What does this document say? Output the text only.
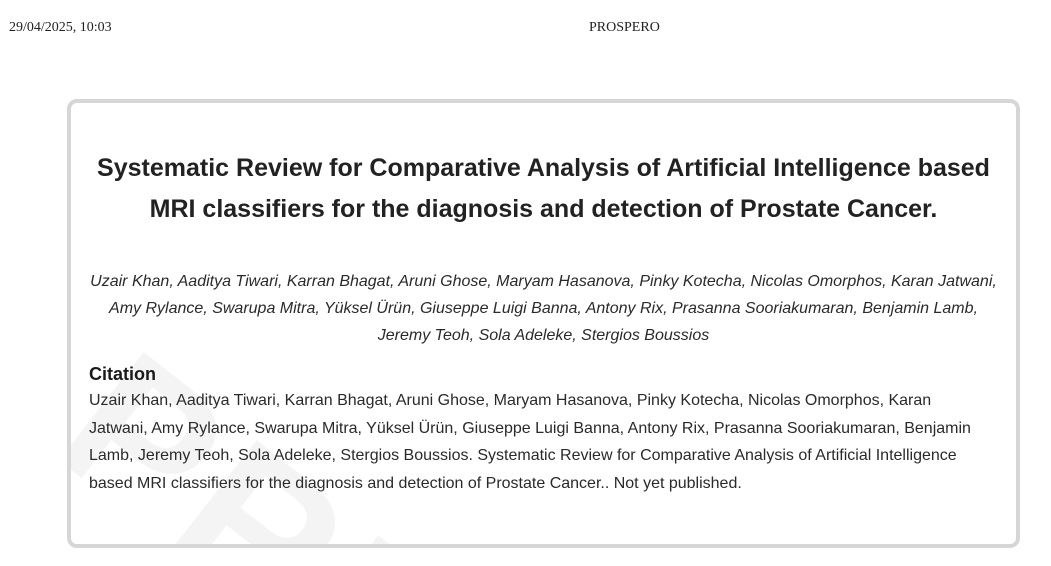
29/04/2025, 10:03	PROSPERO
Systematic Review for Comparative Analysis of Artificial Intelligence based MRI classifiers for the diagnosis and detection of Prostate Cancer.

Uzair Khan, Aaditya Tiwari, Karran Bhagat, Aruni Ghose, Maryam Hasanova, Pinky Kotecha, Nicolas Omorphos, Karan Jatwani, Amy Rylance, Swarupa Mitra, Yüksel Ürün, Giuseppe Luigi Banna, Antony Rix, Prasanna Sooriakumaran, Benjamin Lamb, Jeremy Teoh, Sola Adeleke, Stergios Boussios

Citation

Uzair Khan, Aaditya Tiwari, Karran Bhagat, Aruni Ghose, Maryam Hasanova, Pinky Kotecha, Nicolas Omorphos, Karan Jatwani, Amy Rylance, Swarupa Mitra, Yüksel Ürün, Giuseppe Luigi Banna, Antony Rix, Prasanna Sooriakumaran, Benjamin Lamb, Jeremy Teoh, Sola Adeleke, Stergios Boussios. Systematic Review for Comparative Analysis of Artificial Intelligence based MRI classifiers for the diagnosis and detection of Prostate Cancer.. Not yet published.
